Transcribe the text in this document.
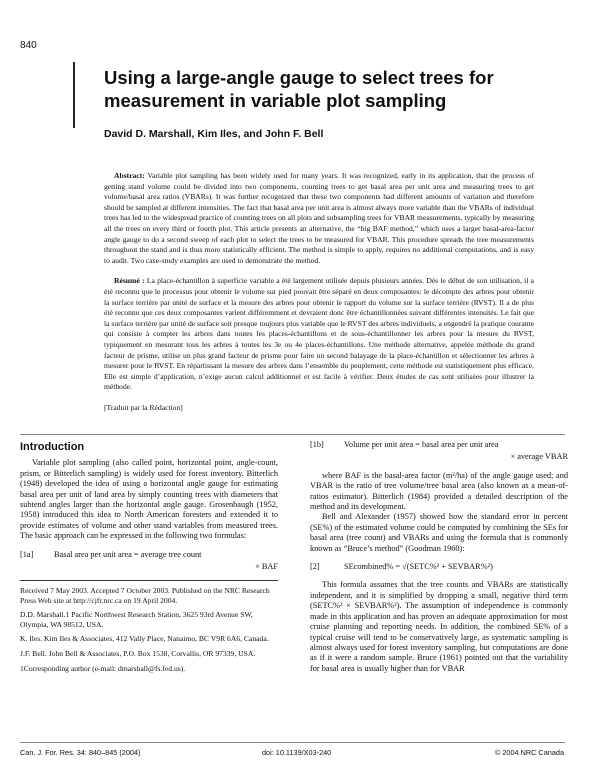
840
Using a large-angle gauge to select trees for measurement in variable plot sampling
David D. Marshall, Kim Iles, and John F. Bell

Abstract: Variable plot sampling has been widely used for many years. It was recognized, early in its application, that the process of getting stand volume could be divided into two components, counting trees to get basal area per unit area and measuring trees to get volume/basal area ratios (VBARs). It was further recognized that these two components had different amounts of variation and therefore should be sampled at different intensities. The fact that basal area per unit area is almost always more variable than the VBARs of individual trees has led to the widespread practice of counting trees on all plots and subsampling trees for VBAR measurements, typically by measuring all the trees on every third or fourth plot. This article presents an alternative, the “big BAF method,” which uses a larger basal-area-factor angle gauge to do a second sweep of each plot to select the trees to be measured for VBAR. This procedure spreads the tree measurements throughout the stand and is thus more statistically efficient. The method is simple to apply, requires no additional computations, and is easy to audit. Two case-study examples are used to demonstrate the method.

Résumé : La place-échantillon à superficie variable a été largement utilisée depuis plusieurs années. Dès le début de son utilisation, il a été reconnu que le processus pour obtenir le volume sur pied pouvait être séparé en deux composantes: le décompte des arbres pour obtenir la surface terrière par unité de surface et la mesure des arbres pour obtenir le rapport du volume sur la surface terrière (RVST). Il a de plus été reconnu que ces deux composantes varient différemment et devraient donc être échantillonnées suivant différentes intensités. Le fait que la surface terrière par unité de surface soit presque toujours plus variable que le RVST des arbres individuels, a engendré la pratique courante qui consiste à compter les arbres dans toutes les places-échantillons et de sous-échantillonner les arbres pour la mesure du RVST, typiquement en mesurant tous les arbres à toutes les 3e ou 4e places-échantillons. Une méthode alternative, appelée méthode du grand facteur de prisme, utilise un plus grand facteur de prisme pour faire un second balayage de la place-échantillon et sélectionner les arbres à mesurer pour le RVST. En répartissant la mesure des arbres dans l’ensemble du peuplement, cette méthode est statistiquement plus efficace. Elle est simple d’application, n’exige aucun calcul additionnel et est facile à vérifier. Deux études de cas sont utilisées pour illustrer la méthode.

[Traduit par la Rédaction]

Introduction

Variable plot sampling (also called point, horizontal point, angle-count, prism, or Bitterlich sampling) is widely used for forest inventory. Bitterlich (1948) developed the idea of using a horizontal angle gauge for estimating basal area per unit of land area by simply counting trees with diameters that subtend angles larger than the horizontal angle gauge. Grosenbaugh (1952, 1958) introduced this idea to North American foresters and extended it to provide estimates of volume and other stand variables from measured trees. The basic approach can be expressed in the following two formulas:

[1a]	Basal area per unit area = average tree count
× BAF

Received 7 May 2003. Accepted 7 October 2003. Published on the NRC Research Press Web site at http://cjfr.nrc.ca on 19 April 2004.

D.D. Marshall.1 Pacific Northwest Research Station, 3625 93rd Avenue SW, Olympia, WA 98512, USA.

K. Iles. Kim Iles & Associates, 412 Vally Place, Nanaimo, BC V9R 6A6, Canada.

J.F. Bell. John Bell & Associates, P.O. Box 1538, Corvallis, OR 97339, USA.

1Corresponding author (e-mail: dmarshall@fs.fed.us).

[1b]	Volume per unit area = basal area per unit area
× average VBAR

where BAF is the basal-area factor (m²/ha) of the angle gauge used; and VBAR is the ratio of tree volume/tree basal area (also known as a mean-of-ratios estimator). Bitterlich (1984) provided a detailed description of the method and its development.

Bell and Alexander (1957) showed how the standard error in percent (SE%) of the estimated volume could be computed by combining the SEs for basal area (tree count) and VBARs and using the formula that is commonly known as “Bruce’s method” (Goodman 1960):

[2]	SEcombined% = √(SETC%² + SEVBAR%²)

This formula assumes that the tree counts and VBARs are statistically independent, and it is simplified by dropping a small, negative third term (SETC%² × SEVBAR%²). The assumption of independence is commonly made in this application and has proven an adequate approximation for most cruise planning and reporting needs. In addition, the combined SE% of a typical cruise will tend to be conservatively large, as systematic sampling is almost always used for forest inventory sampling, but computations are done as if it were a random sample. Bruce (1961) pointed out that the variability for basal area is usually higher than for VBAR

Can. J. For. Res. 34: 840–845 (2004)	doi: 10.1139/X03-240	© 2004 NRC Canada
